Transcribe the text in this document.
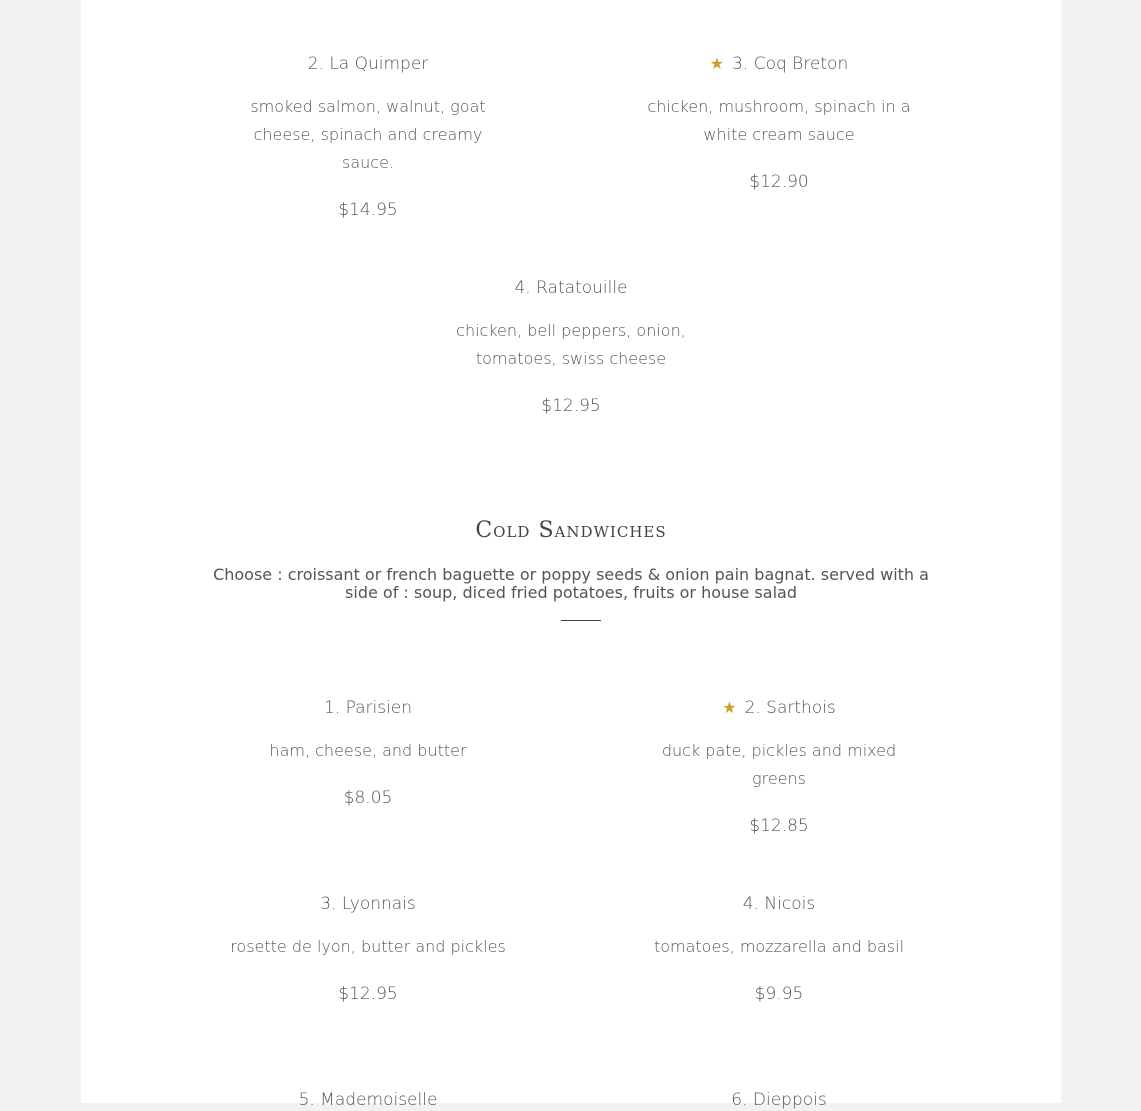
2. La Quimper
smoked salmon, walnut, goat cheese, spinach and creamy sauce.
$14.95
★ 3. Coq Breton
chicken, mushroom, spinach in a white cream sauce
$12.90
4. Ratatouille
chicken, bell peppers, onion, tomatoes, swiss cheese
$12.95
Cold Sandwiches
Choose : croissant or french baguette or poppy seeds & onion pain bagnat. served with a side of : soup, diced fried potatoes, fruits or house salad
1. Parisien
ham, cheese, and butter
$8.05
★ 2. Sarthois
duck pate, pickles and mixed greens
$12.85
3. Lyonnais
rosette de lyon, butter and pickles
$12.95
4. Nicois
tomatoes, mozzarella and basil
$9.95
5. Mademoiselle	6. Dieppois
